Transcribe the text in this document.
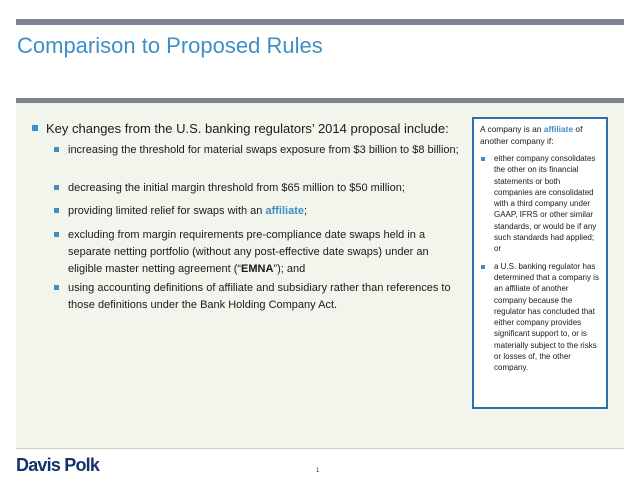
Comparison to Proposed Rules
Key changes from the U.S. banking regulators’ 2014 proposal include:
increasing the threshold for material swaps exposure from $3 billion to $8 billion;
decreasing the initial margin threshold from $65 million to $50 million;
providing limited relief for swaps with an affiliate;
excluding from margin requirements pre-compliance date swaps held in a separate netting portfolio (without any post-effective date swaps) under an eligible master netting agreement (“EMNA”); and
using accounting definitions of affiliate and subsidiary rather than references to those definitions under the Bank Holding Company Act.
A company is an affiliate of another company if:
either company consolidates the other on its financial statements or both companies are consolidated with a third company under GAAP, IFRS or other similar standards, or would be if any such standards had applied; or
a U.S. banking regulator has determined that a company is an affiliate of another company because the regulator has concluded that either company provides significant support to, or is materially subject to the risks or losses of, the other company.
Davis Polk	1
